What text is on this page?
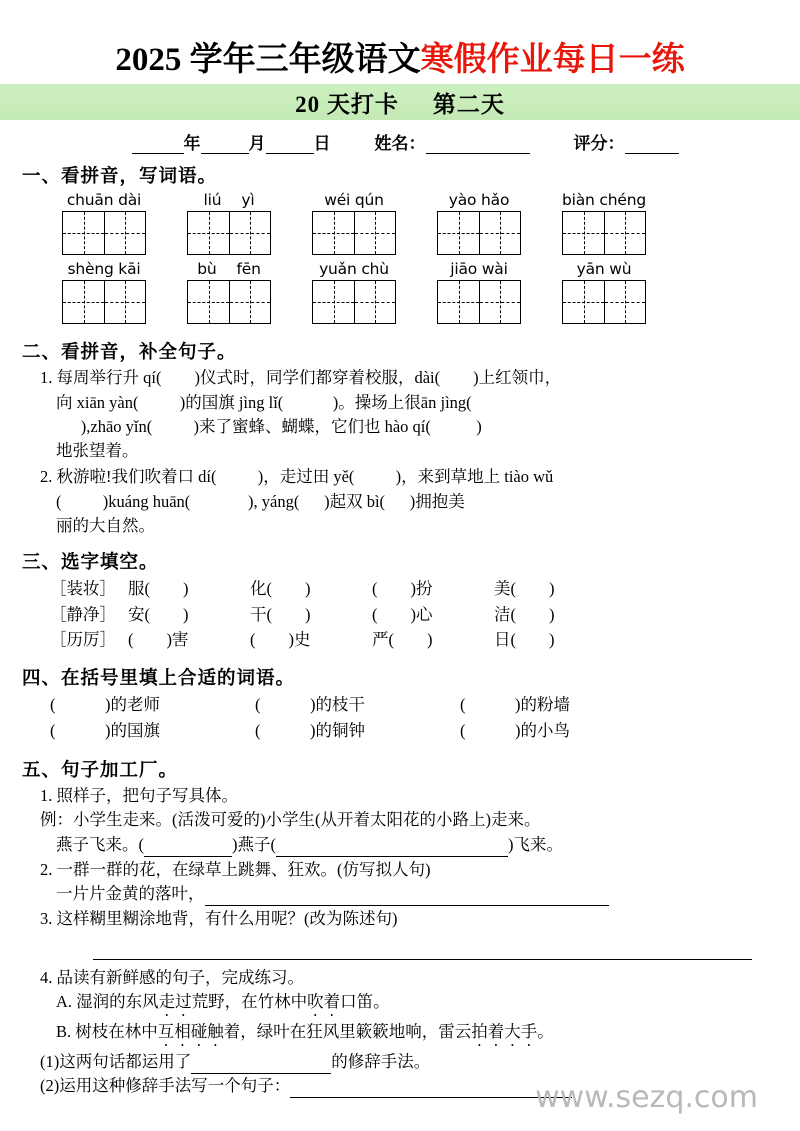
2025 学年三年级语文寒假作业每日一练
20 天打卡 第二天
年	月	日	姓名：	评分：
一、看拼音，写词语。
chuān dài	liú　 yì	wéi qún	yào hǎo	biàn chéng
shèng kāi	bù　 fēn	yuǎn chù	jiāo wài	yān wù
二、看拼音，补全句子。
1. 每周举行升 qí(        )仪式时，同学们都穿着校服，dài(        )上红领巾，
向 xiān yàn(          )的国旗 jìng lǐ(            )。操场上很ān jìng(
),zhāo yǐn(          )来了蜜蜂、蝴蝶，它们也 hào qí(           )
地张望着。
2. 秋游啦!我们吹着口 dí(          )，走过田 yě(          )，来到草地上 tiào wǔ
(          )kuáng huān(              ), yáng(      )起双 bì(      )拥抱美
丽的大自然。
三、选字填空。
［装妆］ 服(　　)	化(　　)	(　　)扮	美(　　)
［静净］ 安(　　)	干(　　)	(　　)心	洁(　　)
［历厉］ (　　)害	(　　)史	严(　　)	日(　　)
四、在括号里填上合适的词语。
(　　　)的老师	(　　　)的枝干	(　　　)的粉墙
(　　　)的国旗	(　　　)的铜钟	(　　　)的小鸟
五、句子加工厂。
1. 照样子，把句子写具体。
例：小学生走来。(活泼可爱的)小学生(从开着太阳花的小路上)走来。
燕子飞来。(	)燕子(	)飞来。
2. 一群一群的花，在绿草上跳舞、狂欢。(仿写拟人句)
一片片金黄的落叶，
3. 这样糊里糊涂地背，有什么用呢？(改为陈述句)
4. 品读有新鲜感的句子，完成练习。
A. 湿润的东风走过荒野，在竹林中吹着口笛。
B. 树枝在林中互相碰触着，绿叶在狂风里簌簌地响，雷云拍着大手。
(1)这两句话都运用了	的修辞手法。
(2)运用这种修辞手法写一个句子：	www.sezq.com
